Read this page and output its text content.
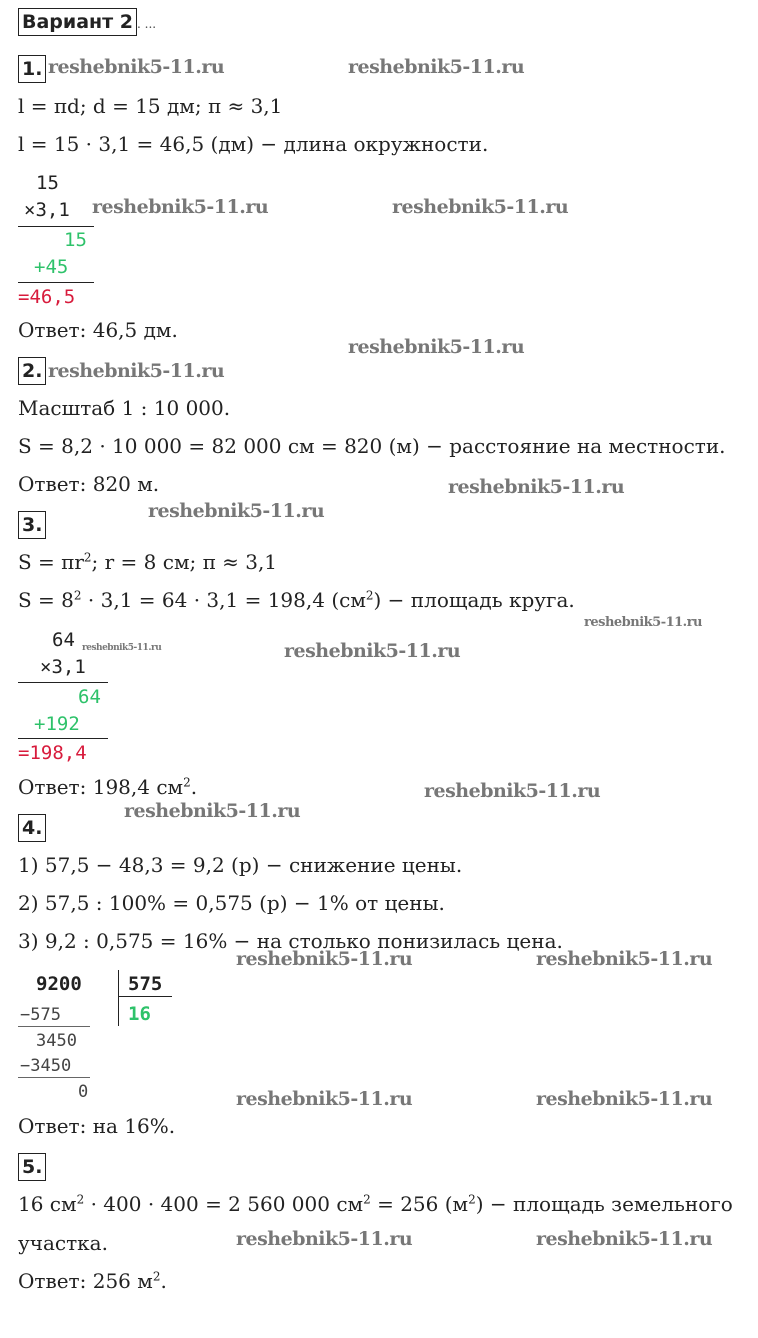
Вариант 2 . ...
1.
l = πd; d = 15 дм; π ≈ 3,1
l = 15 · 3,1 = 46,5 (дм) − длина окружности.
15
×3,1
15
+45
=46,5
Ответ: 46,5 дм.
2.
Масштаб 1 : 10 000.
S = 8,2 · 10 000 = 82 000 см = 820 (м) − расстояние на местности.
Ответ: 820 м.
3.
$S = \pi r^2$; r = 8 см; π ≈ 3,1
$S = 8^2 \cdot 3,1 = 64 \cdot 3,1 = 198,4$ $(см^2)$ − площадь круга.
64
×3,1
64
+192
=198,4
Ответ: 198,4 $см^2$.
4.
1) 57,5 − 48,3 = 9,2 (р) − снижение цены.
2) 57,5 : 100% = 0,575 (р) − 1% от цены.
3) 9,2 : 0,575 = 16% − на столько понизилась цена.
9200 575
16
−575
3450
−3450
0
Ответ: на 16%.
5.
16 $см^2 \cdot 400 \cdot 400 = 2$ 560 000 $см^2 = 256$ $(м^2)$ − площадь земельного
участка.
Ответ: 256 $м^2$.
reshebnik5-11.ru	reshebnik5-11.ru
reshebnik5-11.ru	reshebnik5-11.ru
reshebnik5-11.ru
reshebnik5-11.ru
reshebnik5-11.ru
reshebnik5-11.ru
reshebnik5-11.ru
reshebnik5-11.ru	reshebnik5-11.ru
reshebnik5-11.ru
reshebnik5-11.ru
reshebnik5-11.ru	reshebnik5-11.ru
reshebnik5-11.ru	reshebnik5-11.ru
reshebnik5-11.ru	reshebnik5-11.ru
